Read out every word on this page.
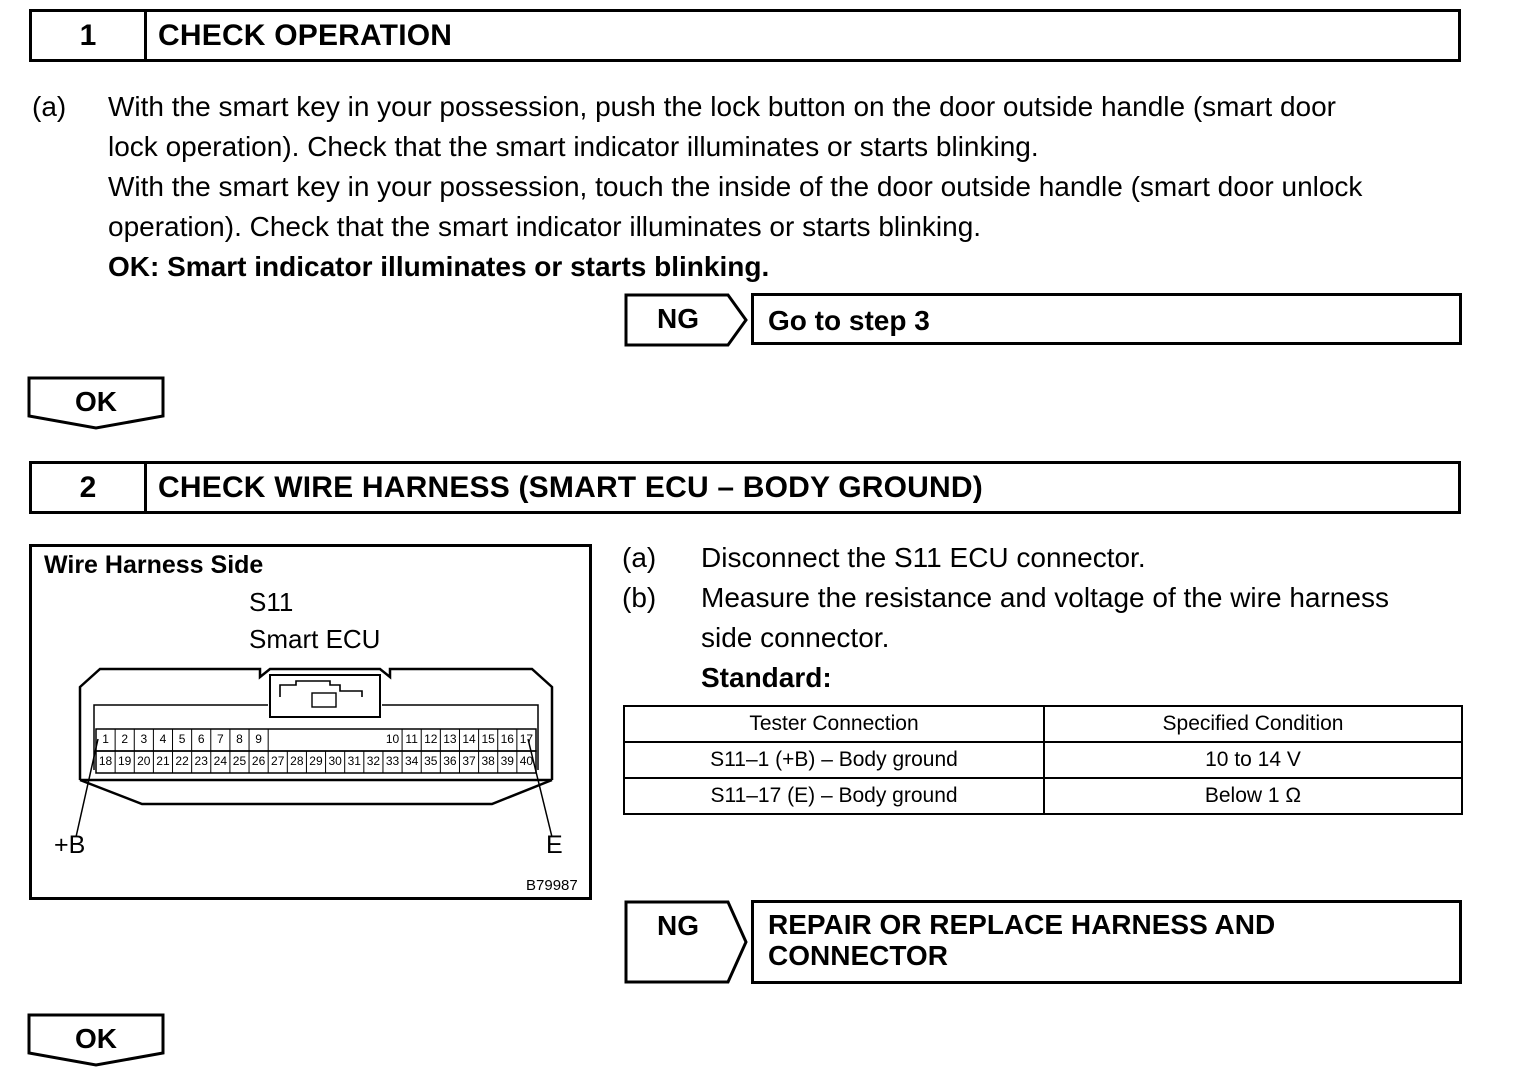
1	CHECK OPERATION
(a) With the smart key in your possession, push the lock button on the door outside handle (smart door
lock operation). Check that the smart indicator illuminates or starts blinking.
With the smart key in your possession, touch the inside of the door outside handle (smart door unlock
operation). Check that the smart indicator illuminates or starts blinking.
OK: Smart indicator illuminates or starts blinking.
NG Go to step 3
OK
2	CHECK WIRE HARNESS (SMART ECU – BODY GROUND)
Wire Harness Side
S11
Smart ECU
18 19 20 21 22 23 24 25 26 27 28 29 30 31 32 33 34 35 36 37 38 39 40
1	2	3	4	5	6	7	8	9	10 11 12 13 14 15 16 17
+B	E
B79987
(a) Disconnect the S11 ECU connector.
(b) Measure the resistance and voltage of the wire harness
side connector.
Standard:
Tester Connection	Specified Condition
S11–1 (+B) – Body ground	10 to 14 V
S11–17 (E) – Body ground	Below 1 Ω
NG REPAIR OR REPLACE HARNESS AND
CONNECTOR
OK
